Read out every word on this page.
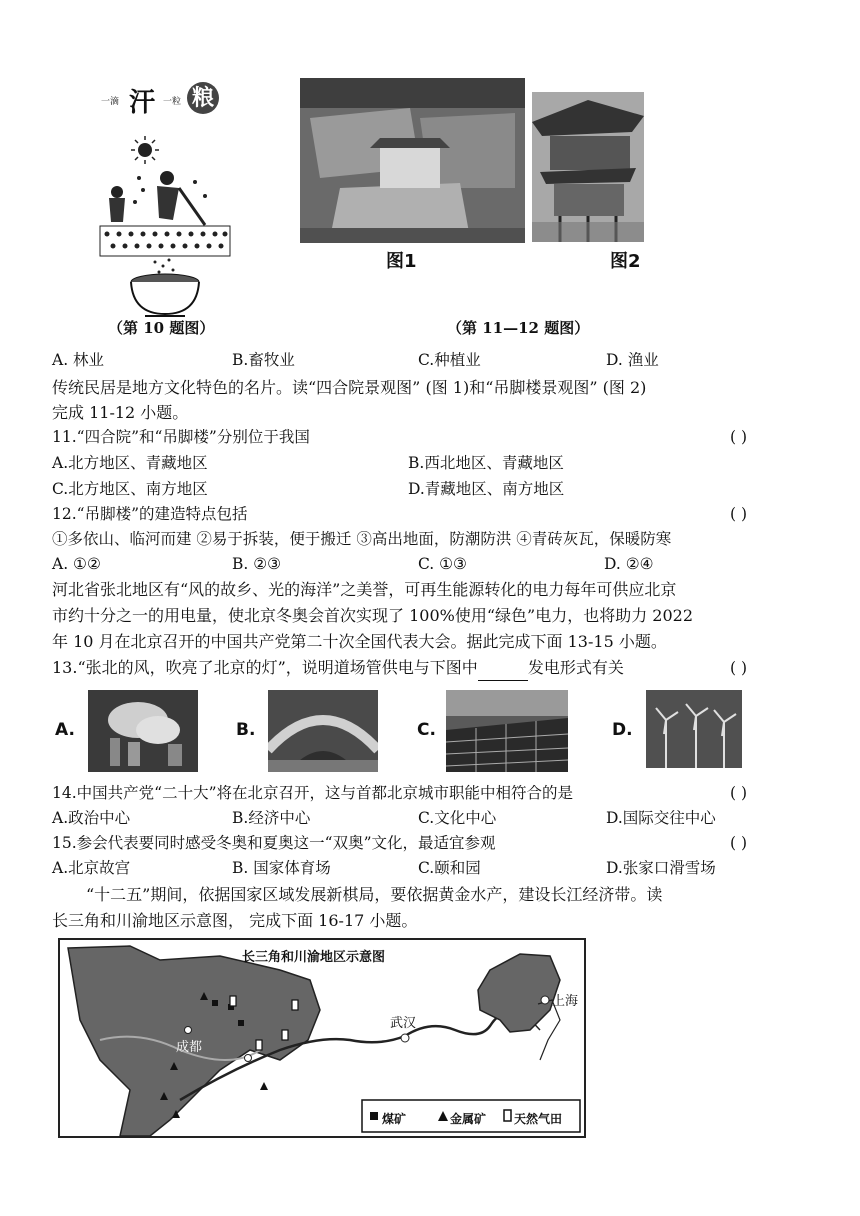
一滴 汗 一粒 粮
图1	图2
（第 10 题图）	（第 11—12 题图）
A. 林业	B.畜牧业	C.种植业	D. 渔业
传统民居是地方文化特色的名片。读“四合院景观图” (图 1)和“吊脚楼景观图” (图 2)
完成 11-12 小题。
11.“四合院”和“吊脚楼”分别位于我国	( )
A.北方地区、青藏地区	B.西北地区、青藏地区
C.北方地区、南方地区	D.青藏地区、南方地区
12.“吊脚楼”的建造特点包括	( )
①多依山、临河而建 ②易于拆装，便于搬迁 ③高出地面，防潮防洪 ④青砖灰瓦，保暖防寒
A. ①②	B. ②③	C. ①③	D. ②④
河北省张北地区有“风的故乡、光的海洋”之美誉，可再生能源转化的电力每年可供应北京
市约十分之一的用电量，使北京冬奥会首次实现了 100%使用“绿色”电力，也将助力 2022
年 10 月在北京召开的中国共产党第二十次全国代表大会。据此完成下面 13-15 小题。
13.“张北的风，吹亮了北京的灯”，说明道场管供电与下图中	发电形式有关	( )
A.	B.	C.	D.
14.中国共产党“二十大”将在北京召开，这与首都北京城市职能中相符合的是	( )
A.政治中心	B.经济中心	C.文化中心	D.国际交往中心
15.参会代表要同时感受冬奥和夏奥这一“双奥”文化，最适宜参观	( )
A.北京故宫	B. 国家体育场	C.颐和园	D.张家口滑雪场
“十二五”期间，依据国家区域发展新棋局，要依据黄金水产，建设长江经济带。读
长三角和川渝地区示意图， 完成下面 16-17 小题。
长三角和川渝地区示意图
上海
武汉
成都
重庆
煤矿	金属矿 天然气田
